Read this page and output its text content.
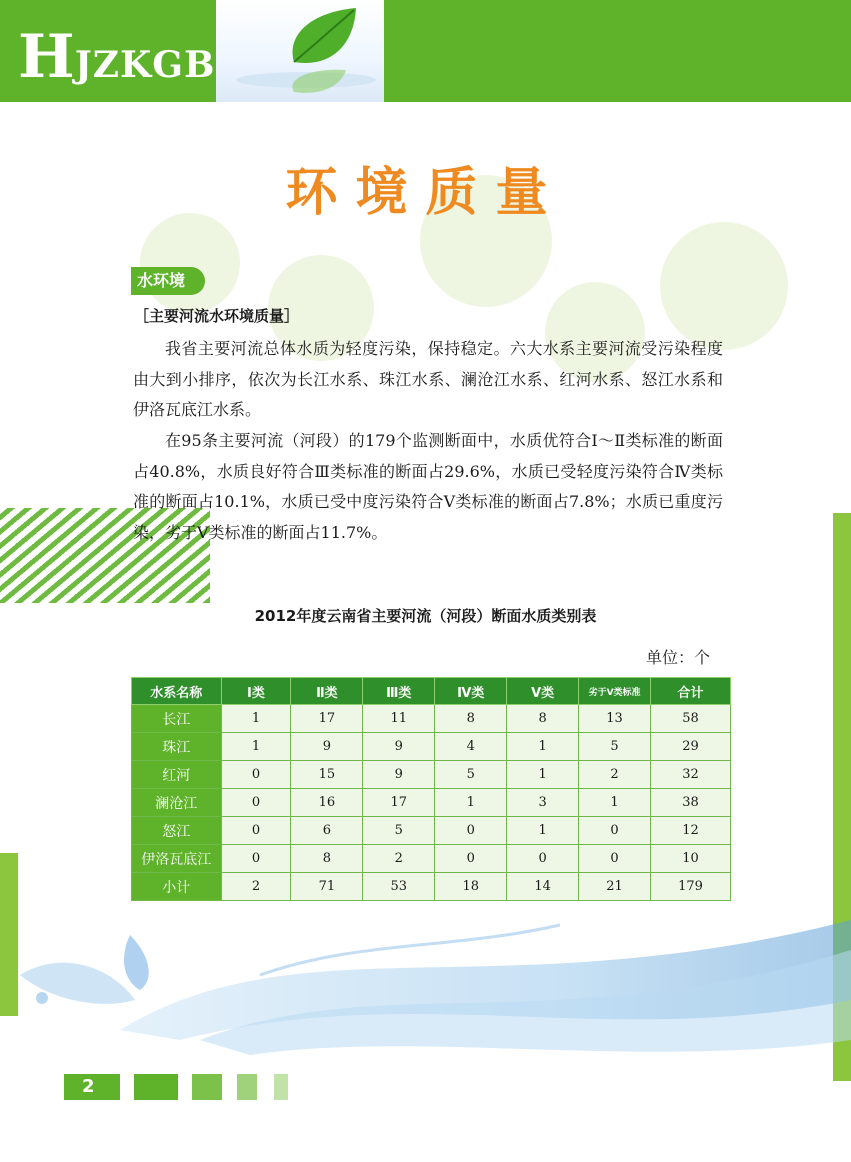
HJZKGB
环境质量
水环境
［主要河流水环境质量］
我省主要河流总体水质为轻度污染，保持稳定。六大水系主要河流受污染程度由大到小排序，依次为长江水系、珠江水系、澜沧江水系、红河水系、怒江水系和伊洛瓦底江水系。
在95条主要河流（河段）的179个监测断面中，水质优符合Ⅰ～Ⅱ类标准的断面占40.8%，水质良好符合Ⅲ类标准的断面占29.6%，水质已受轻度污染符合Ⅳ类标准的断面占10.1%，水质已受中度污染符合Ⅴ类标准的断面占7.8%；水质已重度污染，劣于Ⅴ类标准的断面占11.7%。
2012年度云南省主要河流（河段）断面水质类别表
单位：个
水系名称	Ⅰ类	Ⅱ类	Ⅲ类	Ⅳ类	Ⅴ类	劣于Ⅴ类标准	合计
长江	1	17	11	8	8	13	58
珠江	1	9	9	4	1	5	29
红河	0	15	9	5	1	2	32
澜沧江	0	16	17	1	3	1	38
怒江	0	6	5	0	1	0	12
伊洛瓦底江	0	8	2	0	0	0	10
小计	2	71	53	18	14	21	179
2
